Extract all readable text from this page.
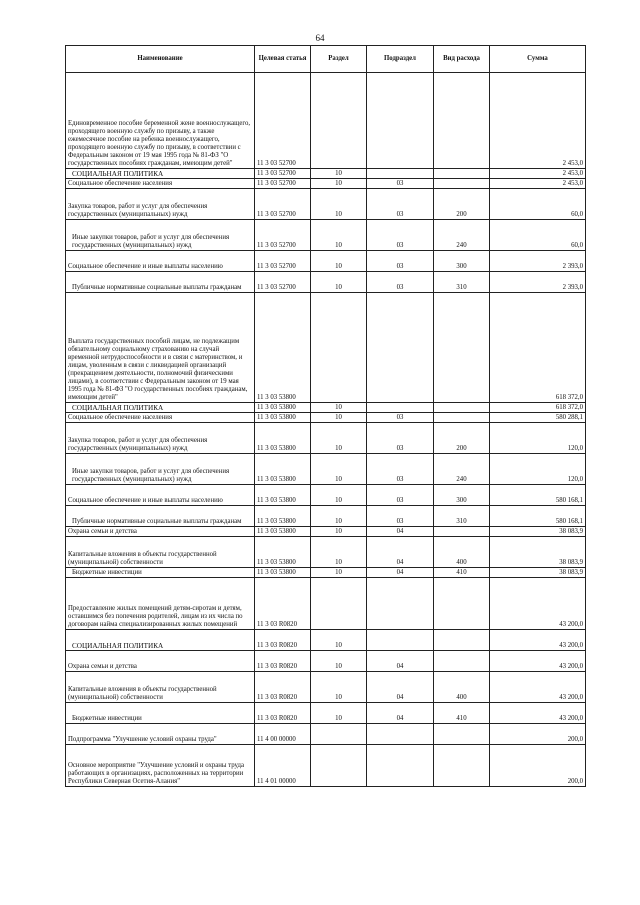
64
Наименование	Целевая статья	Раздел	Подраздел	Вид расхода	Сумма
Единовременное пособие беременной жене военнослужащего, проходящего военную службу по призыву, а также ежемесячное пособие на ребенка военнослужащего, проходящего военную службу по призыву, в соответствии с Федеральным законом от 19 мая 1995 года № 81-ФЗ "О государственных пособиях гражданам, имеющим детей"	11 3 03 52700				2 453,0
СОЦИАЛЬНАЯ ПОЛИТИКА	11 3 03 52700	10			2 453,0
Социальное обеспечение населения	11 3 03 52700	10	03		2 453,0
Закупка товаров, работ и услуг для обеспечения государственных (муниципальных) нужд	11 3 03 52700	10	03	200	60,0
Иные закупки товаров, работ и услуг для обеспечения государственных (муниципальных) нужд	11 3 03 52700	10	03	240	60,0
Социальное обеспечение и иные выплаты населению	11 3 03 52700	10	03	300	2 393,0
Публичные нормативные социальные выплаты гражданам	11 3 03 52700	10	03	310	2 393,0
Выплата государственных пособий лицам, не подлежащим обязательному социальному страхованию на случай временной нетрудоспособности и в связи с материнством, и лицам, уволенным в связи с ликвидацией организаций (прекращением деятельности, полномочий физическими лицами), в соответствии с Федеральным законом от 19 мая 1995 года № 81-ФЗ "О государственных пособиях гражданам, имеющим детей"	11 3 03 53800				618 372,0
СОЦИАЛЬНАЯ ПОЛИТИКА	11 3 03 53800	10			618 372,0
Социальное обеспечение населения	11 3 03 53800	10	03		580 288,1
Закупка товаров, работ и услуг для обеспечения государственных (муниципальных) нужд	11 3 03 53800	10	03	200	120,0
Иные закупки товаров, работ и услуг для обеспечения государственных (муниципальных) нужд	11 3 03 53800	10	03	240	120,0
Социальное обеспечение и иные выплаты населению	11 3 03 53800	10	03	300	580 168,1
Публичные нормативные социальные выплаты гражданам	11 3 03 53800	10	03	310	580 168,1
Охрана семьи и детства	11 3 03 53800	10	04		38 083,9
Капитальные вложения в объекты государственной (муниципальной) собственности	11 3 03 53800	10	04	400	38 083,9
Бюджетные инвестиции	11 3 03 53800	10	04	410	38 083,9
Предоставление жилых помещений детям-сиротам и детям, оставшимся без попечения родителей, лицам из их числа по договорам найма специализированных жилых помещений	11 3 03 R0820				43 200,0
СОЦИАЛЬНАЯ ПОЛИТИКА	11 3 03 R0820	10			43 200,0
Охрана семьи и детства	11 3 03 R0820	10	04		43 200,0
Капитальные вложения в объекты государственной (муниципальной) собственности	11 3 03 R0820	10	04	400	43 200,0
Бюджетные инвестиции	11 3 03 R0820	10	04	410	43 200,0
Подпрограмма "Улучшение условий охраны труда"	11 4 00 00000				200,0
Основное мероприятие "Улучшение условий и охраны труда работающих в организациях, расположенных на территории Республики Северная Осетия-Алания"	11 4 01 00000				200,0
